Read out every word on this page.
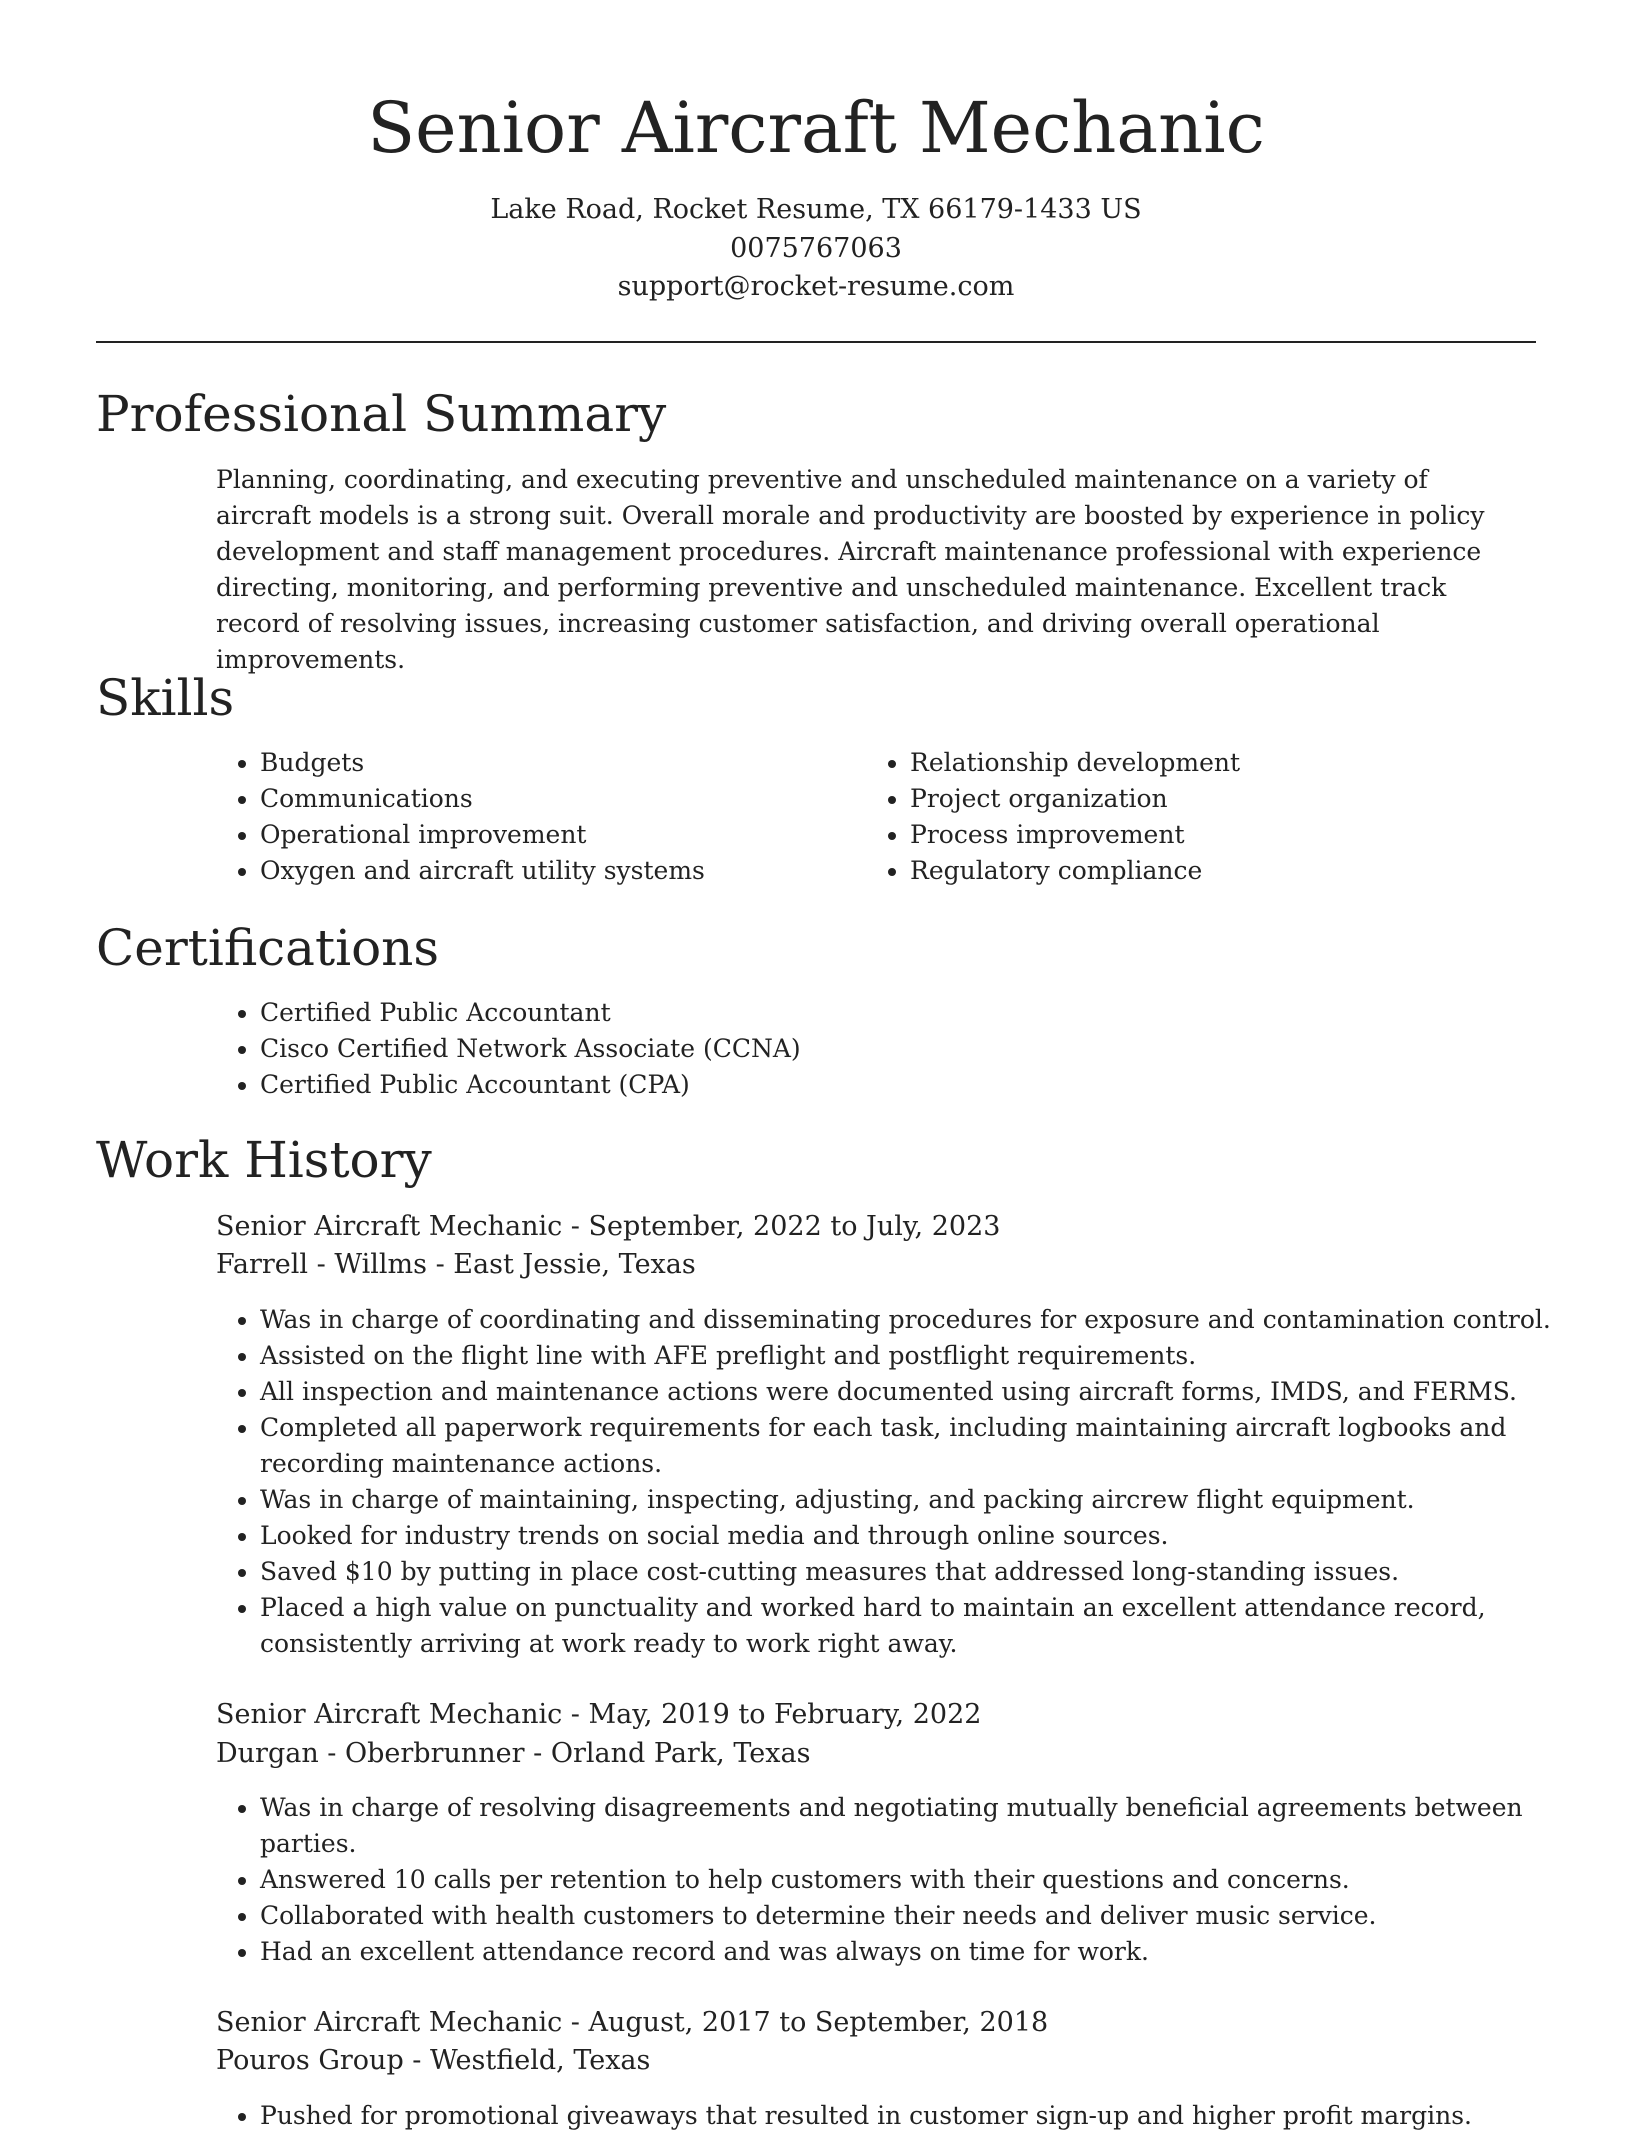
Senior Aircraft Mechanic
Lake Road, Rocket Resume, TX 66179-1433 US
0075767063
support@rocket-resume.com
Professional Summary

Planning, coordinating, and executing preventive and unscheduled maintenance on a variety of aircraft models is a strong suit. Overall morale and productivity are boosted by experience in policy development and staff management procedures. Aircraft maintenance professional with experience directing, monitoring, and performing preventive and unscheduled maintenance. Excellent track record of resolving issues, increasing customer satisfaction, and driving overall operational improvements.

Skills
• Budgets
• Communications
• Operational improvement
• Oxygen and aircraft utility systems
• Relationship development
• Project organization
• Process improvement
• Regulatory compliance
Certifications
• Certified Public Accountant
• Cisco Certified Network Associate (CCNA)
• Certified Public Accountant (CPA)
Work History
Senior Aircraft Mechanic - September, 2022 to July, 2023
Farrell - Willms - East Jessie, Texas
• Was in charge of coordinating and disseminating procedures for exposure and contamination control.
• Assisted on the flight line with AFE preflight and postflight requirements.
• All inspection and maintenance actions were documented using aircraft forms, IMDS, and FERMS.
• Completed all paperwork requirements for each task, including maintaining aircraft logbooks and recording maintenance actions.
• Was in charge of maintaining, inspecting, adjusting, and packing aircrew flight equipment.
• Looked for industry trends on social media and through online sources.
• Saved $10 by putting in place cost-cutting measures that addressed long-standing issues.
• Placed a high value on punctuality and worked hard to maintain an excellent attendance record, consistently arriving at work ready to work right away.
Senior Aircraft Mechanic - May, 2019 to February, 2022
Durgan - Oberbrunner - Orland Park, Texas
• Was in charge of resolving disagreements and negotiating mutually beneficial agreements between parties.
• Answered 10 calls per retention to help customers with their questions and concerns.
• Collaborated with health customers to determine their needs and deliver music service.
• Had an excellent attendance record and was always on time for work.
Senior Aircraft Mechanic - August, 2017 to September, 2018
Pouros Group - Westfield, Texas
• Pushed for promotional giveaways that resulted in customer sign-up and higher profit margins.
